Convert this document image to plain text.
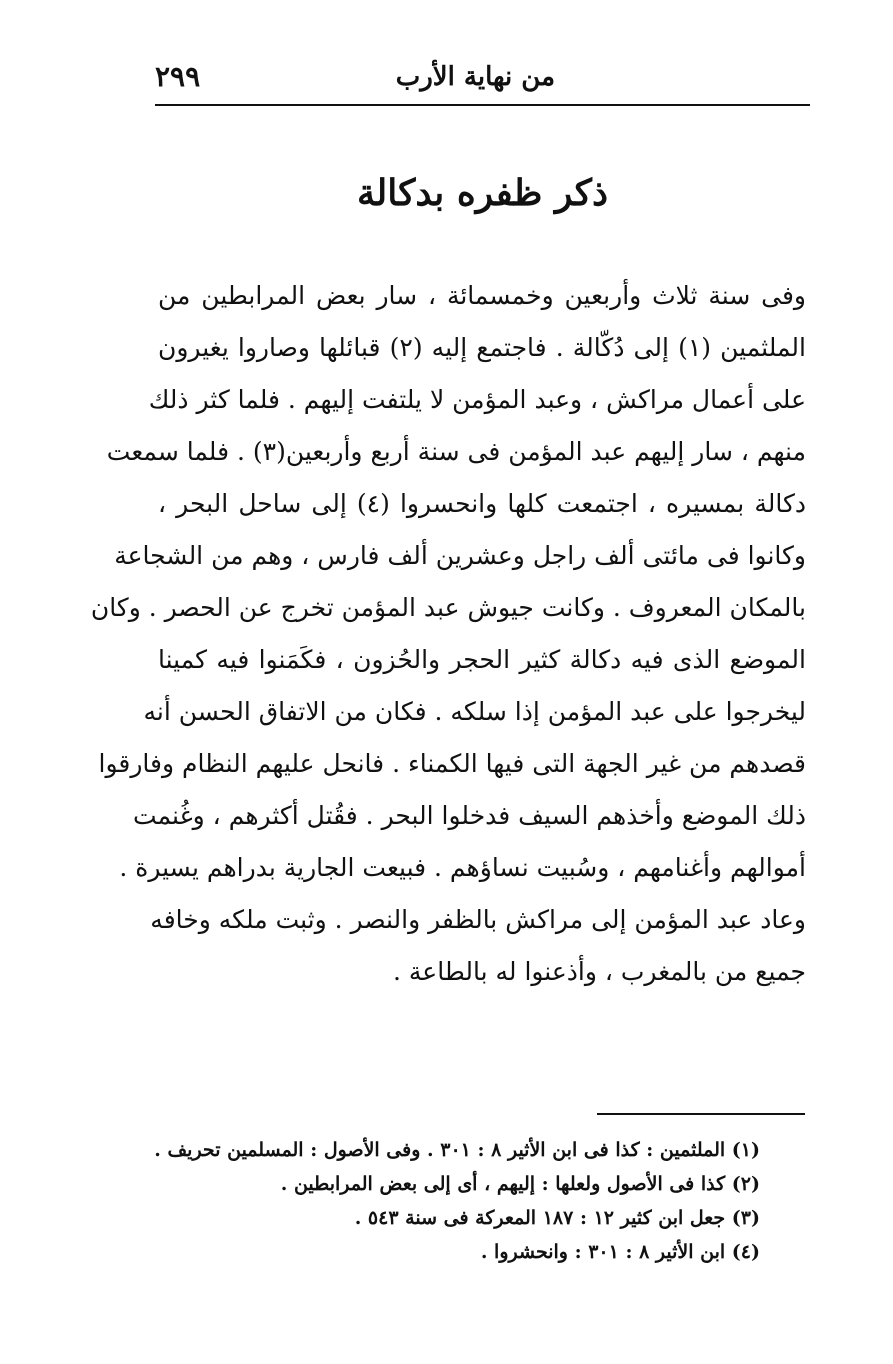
من نهاية الأرب
٢٩٩
ذكر ظفره بدكالة
وفى سنة ثلاث وأربعين وخمسمائة ، سار بعض المرابطين من
الملثمين (١) إلى دُكّالة . فاجتمع إليه (٢) قبائلها وصاروا يغيرون
على أعمال مراكش ، وعبد المؤمن لا يلتفت إليهم . فلما كثر ذلك
منهم ، سار إليهم عبد المؤمن فى سنة أربع وأربعين(٣) . فلما سمعت
دكالة بمسيره ، اجتمعت كلها وانحسروا (٤) إلى ساحل البحر ،
وكانوا فى مائتى ألف راجل وعشرين ألف فارس ، وهم من الشجاعة
بالمكان المعروف . وكانت جيوش عبد المؤمن تخرج عن الحصر . وكان
الموضع الذى فيه دكالة كثير الحجر والحُزون ، فكَمَنوا فيه كمينا
ليخرجوا على عبد المؤمن إذا سلكه . فكان من الاتفاق الحسن أنه
قصدهم من غير الجهة التى فيها الكمناء . فانحل عليهم النظام وفارقوا
ذلك الموضع وأخذهم السيف فدخلوا البحر . فقُتل أكثرهم ، وغُنمت
أموالهم وأغنامهم ، وسُبيت نساؤهم . فبيعت الجارية بدراهم يسيرة .
وعاد عبد المؤمن إلى مراكش بالظفر والنصر . وثبت ملكه وخافه
جميع من بالمغرب ، وأذعنوا له بالطاعة .
(١) الملثمين : كذا فى ابن الأثير ٨ : ٣٠١ . وفى الأصول : المسلمين تحريف .
(٢) كذا فى الأصول ولعلها : إليهم ، أى إلى بعض المرابطين .
(٣) جعل ابن كثير ١٢ : ١٨٧ المعركة فى سنة ٥٤٣ .
(٤) ابن الأثير ٨ : ٣٠١ : وانحشروا .
